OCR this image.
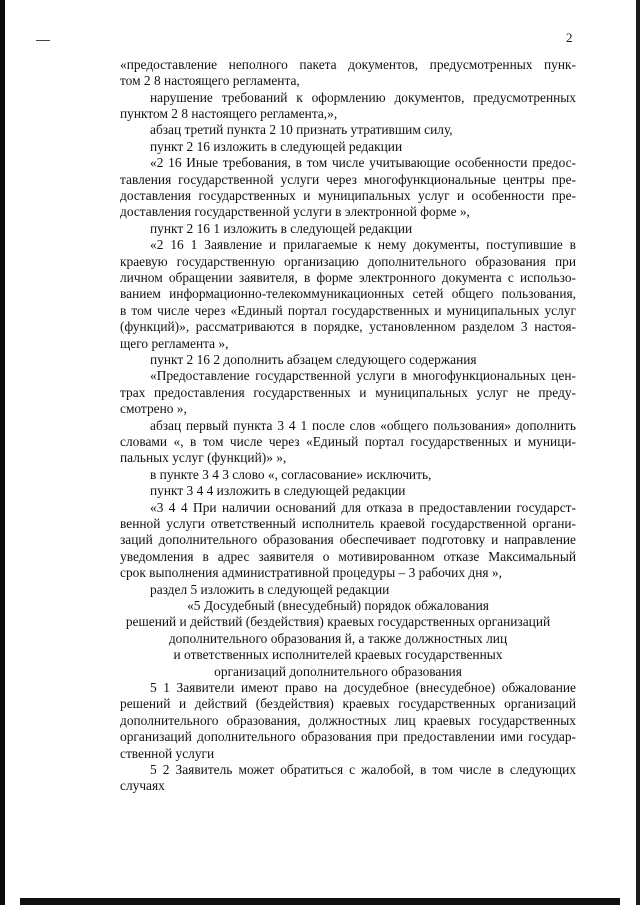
2
«предоставление неполного пакета документов, предусмотренных пунк-
том 2 8 настоящего регламента,
нарушение требований к оформлению документов, предусмотренных
пунктом 2 8 настоящего регламента,»,
абзац третий пункта 2 10 признать утратившим силу,
пункт 2 16 изложить в следующей редакции
«2 16 Иные требования, в том числе учитывающие особенности предос-
тавления государственной услуги через многофункциональные центры пре-
доставления государственных и муниципальных услуг и особенности пре-
доставления государственной услуги в электронной форме »,
пункт 2 16 1 изложить в следующей редакции
«2 16 1 Заявление и прилагаемые к нему документы, поступившие в
краевую государственную организацию дополнительного образования при
личном обращении заявителя, в форме электронного документа с использо-
ванием информационно-телекоммуникационных сетей общего пользования,
в том числе через «Единый портал государственных и муниципальных услуг
(функций)», рассматриваются в порядке, установленном разделом 3 настоя-
щего регламента »,
пункт 2 16 2 дополнить абзацем следующего содержания
«Предоставление государственной услуги в многофункциональных цен-
трах предоставления государственных и муниципальных услуг не преду-
смотрено »,
абзац первый пункта 3 4 1 после слов «общего пользования» дополнить
словами «, в том числе через «Единый портал государственных и муници-
пальных услуг (функций)» »,
в пункте 3 4 3 слово «, согласование» исключить,
пункт 3 4 4 изложить в следующей редакции
«3 4 4 При наличии оснований для отказа в предоставлении государст-
венной услуги ответственный исполнитель краевой государственной органи-
заций дополнительного образования обеспечивает подготовку и направление
уведомления в адрес заявителя о мотивированном отказе Максимальный
срок выполнения административной процедуры – 3 рабочих дня »,
раздел 5 изложить в следующей редакции
«5 Досудебный (внесудебный) порядок обжалования
решений и действий (бездействия) краевых государственных организаций
дополнительного образования й, а также должностных лиц
и ответственных исполнителей краевых государственных
организаций дополнительного образования
5 1 Заявители имеют право на досудебное (внесудебное) обжалование
решений и действий (бездействия) краевых государственных организаций
дополнительного образования, должностных лиц краевых государственных
организаций дополнительного образования при предоставлении ими государ-
ственной услуги
5 2 Заявитель может обратиться с жалобой, в том числе в следующих
случаях
